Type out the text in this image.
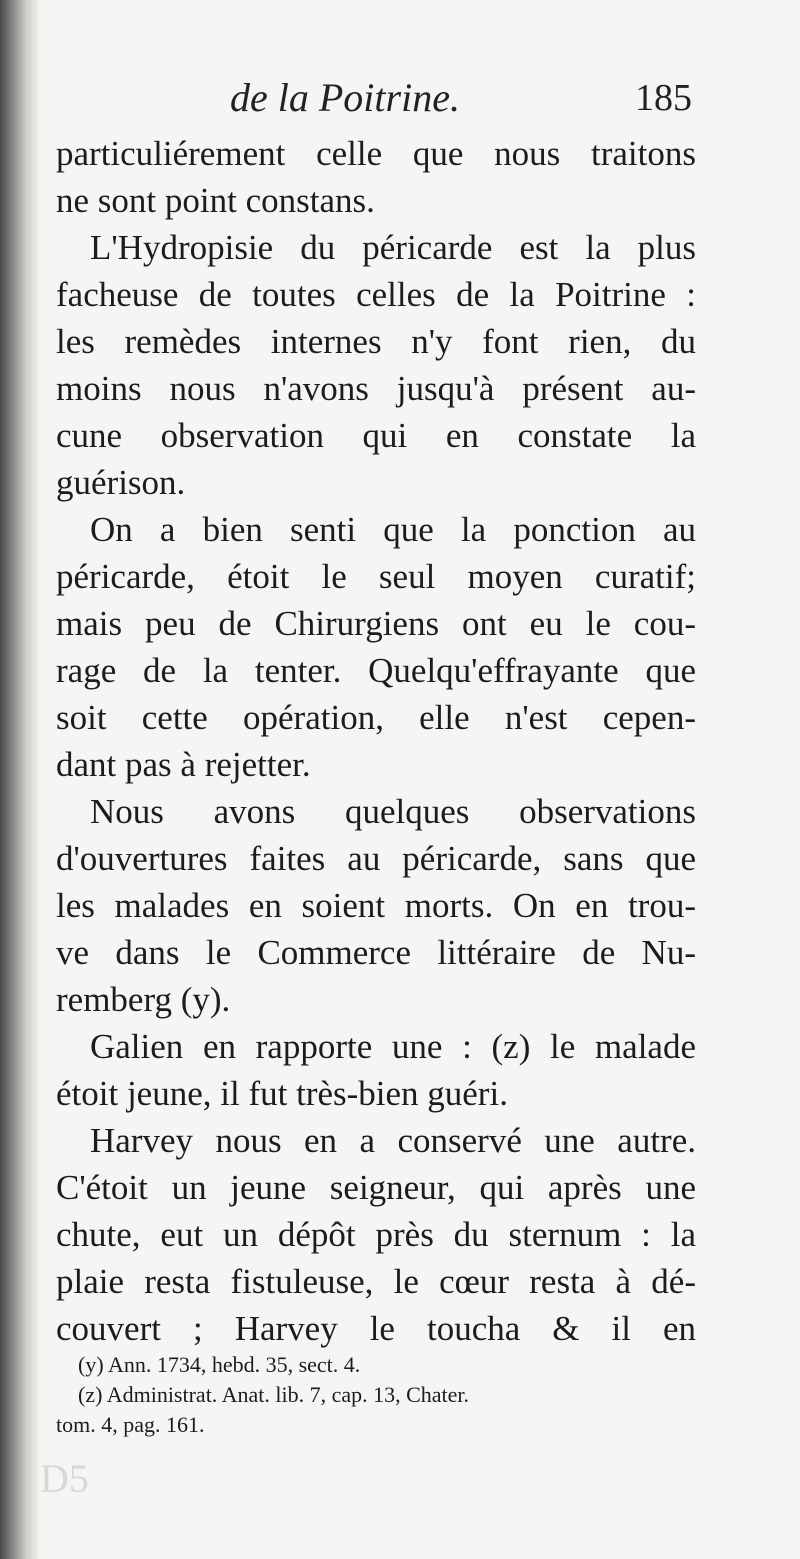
de la Poitrine.	185
particuliérement celle que nous traitons
ne sont point constans.
L'Hydropisie du péricarde est la plus
facheuse de toutes celles de la Poitrine :
les remèdes internes n'y font rien, du
moins nous n'avons jusqu'à présent au-
cune observation qui en constate la
guérison.
On a bien senti que la ponction au
péricarde, étoit le seul moyen curatif;
mais peu de Chirurgiens ont eu le cou-
rage de la tenter. Quelqu'effrayante que
soit cette opération, elle n'est cepen-
dant pas à rejetter.
Nous avons quelques observations
d'ouvertures faites au péricarde, sans que
les malades en soient morts. On en trou-
ve dans le Commerce littéraire de Nu-
remberg (y).
Galien en rapporte une : (z) le malade
étoit jeune, il fut très-bien guéri.
Harvey nous en a conservé une autre.
C'étoit un jeune seigneur, qui après une
chute, eut un dépôt près du sternum : la
plaie resta fistuleuse, le cœur resta à dé-
couvert ; Harvey le toucha & il en
(y) Ann. 1734, hebd. 35, sect. 4.
(z) Administrat. Anat. lib. 7, cap. 13, Chater.
tom. 4, pag. 161.
D5
